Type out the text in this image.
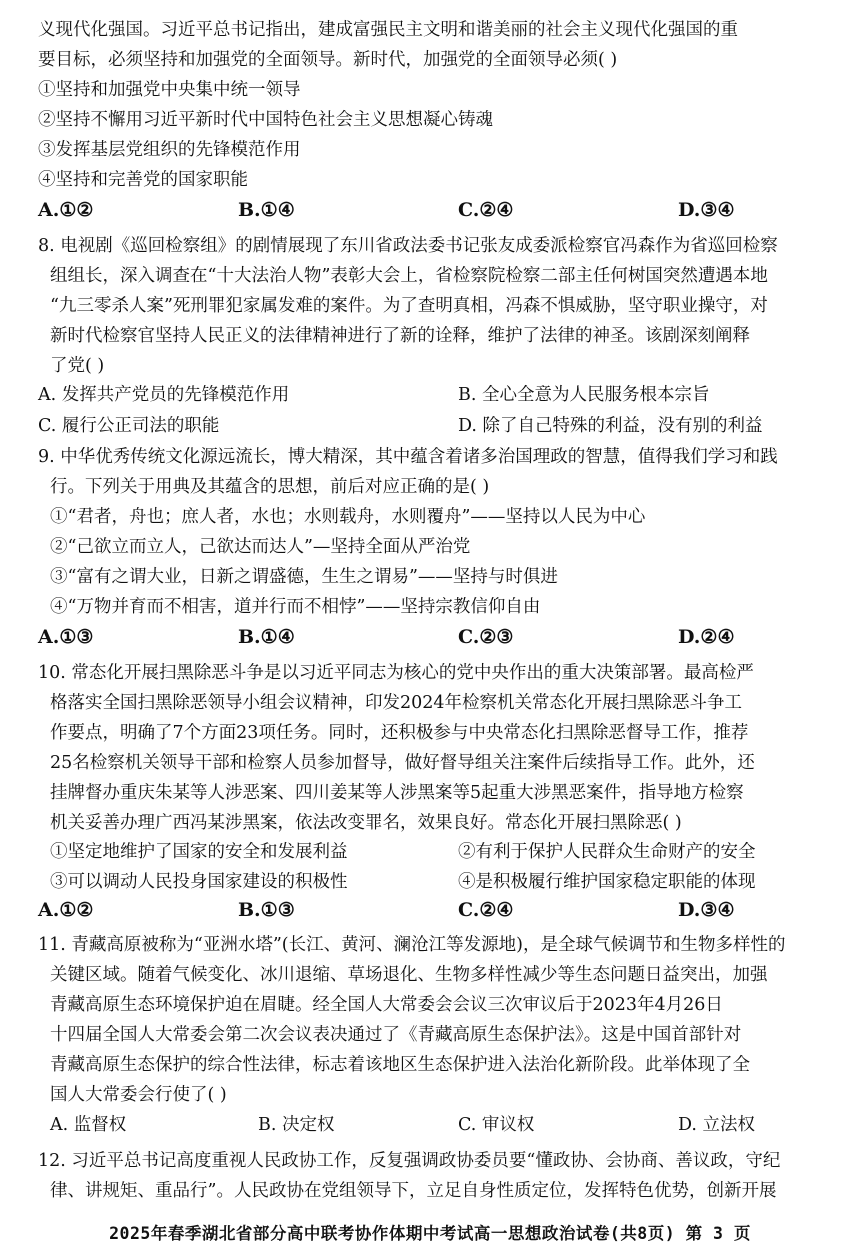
义现代化强国。习近平总书记指出，建成富强民主文明和谐美丽的社会主义现代化强国的重
要目标，必须坚持和加强党的全面领导。新时代，加强党的全面领导必须( )
①坚持和加强党中央集中统一领导
②坚持不懈用习近平新时代中国特色社会主义思想凝心铸魂
③发挥基层党组织的先锋模范作用
④坚持和完善党的国家职能
A.①②	B.①④	C.②④	D.③④
8. 电视剧《巡回检察组》的剧情展现了东川省政法委书记张友成委派检察官冯森作为省巡回检察
组组长，深入调查在“十大法治人物”表彰大会上，省检察院检察二部主任何树国突然遭遇本地
“九三零杀人案”死刑罪犯家属发难的案件。为了查明真相，冯森不惧威胁，坚守职业操守，对
新时代检察官坚持人民正义的法律精神进行了新的诠释，维护了法律的神圣。该剧深刻阐释
了党( )
A. 发挥共产党员的先锋模范作用	B. 全心全意为人民服务根本宗旨
C. 履行公正司法的职能	D. 除了自己特殊的利益，没有别的利益
9. 中华优秀传统文化源远流长，博大精深，其中蕴含着诸多治国理政的智慧，值得我们学习和践
行。下列关于用典及其蕴含的思想，前后对应正确的是( )
①“君者，舟也；庶人者，水也；水则载舟，水则覆舟”——坚持以人民为中心
②“己欲立而立人，己欲达而达人”—坚持全面从严治党
③“富有之谓大业，日新之谓盛德，生生之谓易”——坚持与时俱进
④“万物并育而不相害，道并行而不相悖”——坚持宗教信仰自由
A.①③	B.①④	C.②③	D.②④
10. 常态化开展扫黑除恶斗争是以习近平同志为核心的党中央作出的重大决策部署。最高检严
格落实全国扫黑除恶领导小组会议精神，印发2024年检察机关常态化开展扫黑除恶斗争工
作要点，明确了7个方面23项任务。同时，还积极参与中央常态化扫黑除恶督导工作，推荐
25名检察机关领导干部和检察人员参加督导，做好督导组关注案件后续指导工作。此外，还
挂牌督办重庆朱某等人涉恶案、四川姜某等人涉黑案等5起重大涉黑恶案件，指导地方检察
机关妥善办理广西冯某涉黑案，依法改变罪名，效果良好。常态化开展扫黑除恶( )
①坚定地维护了国家的安全和发展利益	②有利于保护人民群众生命财产的安全
③可以调动人民投身国家建设的积极性	④是积极履行维护国家稳定职能的体现
A.①②	B.①③	C.②④	D.③④
11. 青藏高原被称为“亚洲水塔”(长江、黄河、澜沧江等发源地)，是全球气候调节和生物多样性的
关键区域。随着气候变化、冰川退缩、草场退化、生物多样性减少等生态问题日益突出，加强
青藏高原生态环境保护迫在眉睫。经全国人大常委会会议三次审议后于2023年4月26日
十四届全国人大常委会第二次会议表决通过了《青藏高原生态保护法》。这是中国首部针对
青藏高原生态保护的综合性法律，标志着该地区生态保护进入法治化新阶段。此举体现了全
国人大常委会行使了( )
A. 监督权	B. 决定权	C. 审议权	D. 立法权
12. 习近平总书记高度重视人民政协工作，反复强调政协委员要“懂政协、会协商、善议政，守纪
律、讲规矩、重品行”。人民政协在党组领导下，立足自身性质定位，发挥特色优势，创新开展
2025年春季湖北省部分高中联考协作体期中考试高一思想政治试卷(共8页) 第 3 页
